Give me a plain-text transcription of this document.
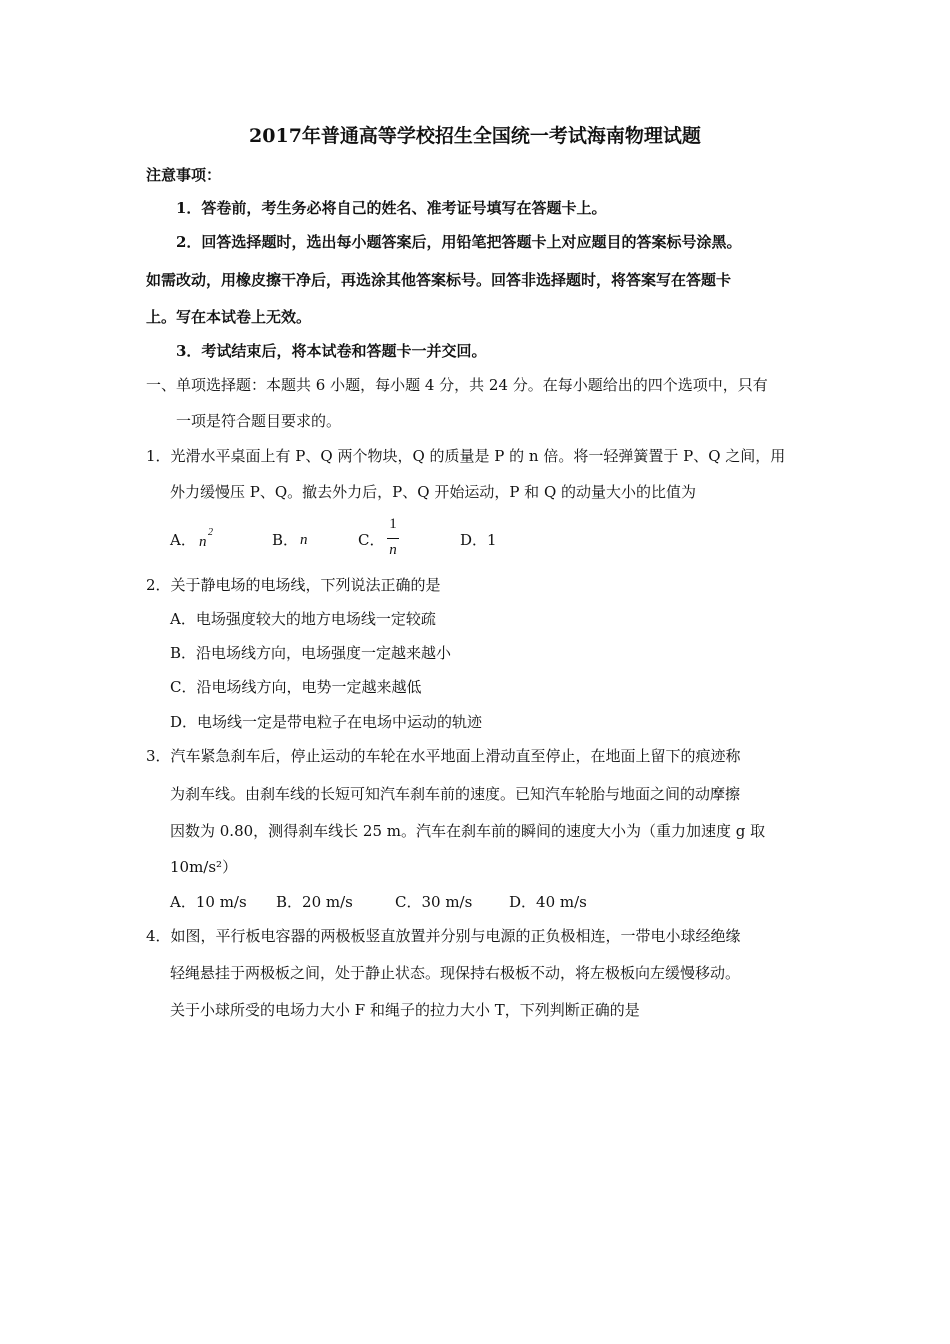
2017年普通高等学校招生全国统一考试海南物理试题
注意事项：
1．答卷前，考生务必将自己的姓名、准考证号填写在答题卡上。
2．回答选择题时，选出每小题答案后，用铅笔把答题卡上对应题目的答案标号涂黑。
如需改动，用橡皮擦干净后，再选涂其他答案标号。回答非选择题时，将答案写在答题卡
上。写在本试卷上无效。
3．考试结束后，将本试卷和答题卡一并交回。
一、单项选择题：本题共 6 小题，每小题 4 分，共 24 分。在每小题给出的四个选项中，只有
一项是符合题目要求的。
1．光滑水平桌面上有 P、Q 两个物块，Q 的质量是 P 的 n 倍。将一轻弹簧置于 P、Q 之间，用
外力缓慢压 P、Q。撤去外力后，P、Q 开始运动，P 和 Q 的动量大小的比值为
A． n
2	B． n	C．
1
n
D．1
2．关于静电场的电场线，下列说法正确的是
A．电场强度较大的地方电场线一定较疏
B．沿电场线方向，电场强度一定越来越小
C．沿电场线方向，电势一定越来越低
D．电场线一定是带电粒子在电场中运动的轨迹
3．汽车紧急刹车后，停止运动的车轮在水平地面上滑动直至停止，在地面上留下的痕迹称
为刹车线。由刹车线的长短可知汽车刹车前的速度。已知汽车轮胎与地面之间的动摩擦
因数为 0.80，测得刹车线长 25 m。汽车在刹车前的瞬间的速度大小为（重力加速度 g 取
10m/s²）
A．10 m/s B．20 m/s	C．30 m/s D．40 m/s
4．如图，平行板电容器的两极板竖直放置并分别与电源的正负极相连，一带电小球经绝缘
轻绳悬挂于两极板之间，处于静止状态。现保持右极板不动，将左极板向左缓慢移动。
关于小球所受的电场力大小 F 和绳子的拉力大小 T，下列判断正确的是
